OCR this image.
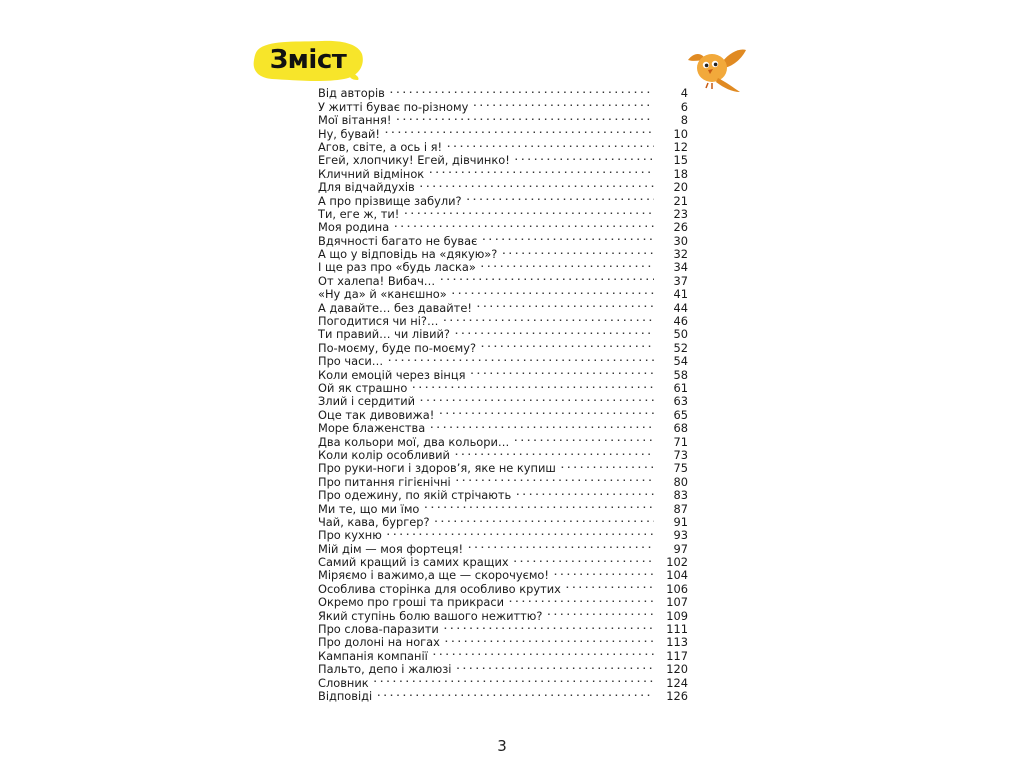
Зміст
Від авторів . . .	4
У житті буває по-різному . . .	6
Мої вітання! . . .	8
Ну, бувай! . . .	10
Агов, світе, а ось і я! . . .	12
Егей, хлопчику! Егей, дівчинко! . . .	15
Кличний відмінок . . .	18
Для відчайдухів . . .	20
А про прізвище забули? . . .	21
Ти, еге ж, ти! . . .	23
Моя родина . . .	26
Вдячності багато не буває . . .	30
А що у відповідь на «дякую»? . . .	32
І ще раз про «будь ласка» . . .	34
От халепа! Вибач… . . .	37
«Ну да» й «канєшно» . . .	41
А давайте… без давайте! . . .	44
Погодитися чи ні?… . . .	46
Ти правий… чи лівий? . . .	50
По-моєму, буде по-моєму? . . .	52
Про часи… . . .	54
Коли емоцій через вінця . . .	58
Ой як страшно . . .	61
Злий і сердитий . . .	63
Оце так дивовижа! . . .	65
Море блаженства . . .	68
Два кольори мої, два кольори… . . .	71
Коли колір особливий . . .	73
Про руки-ноги і здоров’я, яке не купиш . . .	75
Про питання гігієнічні . . .	80
Про одежину, по якій стрічають . . .	83
Ми те, що ми їмо . . .	87
Чай, кава, бургер? . . .	91
Про кухню . . .	93
Мій дім — моя фортеця! . . .	97
Самий кращий із самих кращих . . .	102
Міряємо і важимо,а ще — скорочуємо! . . .	104
Особлива сторінка для особливо крутих . . .	106
Окремо про гроші та прикраси . . .	107
Який ступінь болю вашого нежиттю? . . .	109
Про слова-паразити . . .	111
Про долоні на ногах . . .	113
Кампанія компанії . . .	117
Пальто, депо і жалюзі . . .	120
Словник . . .	124
Відповіді . . .	126
3
